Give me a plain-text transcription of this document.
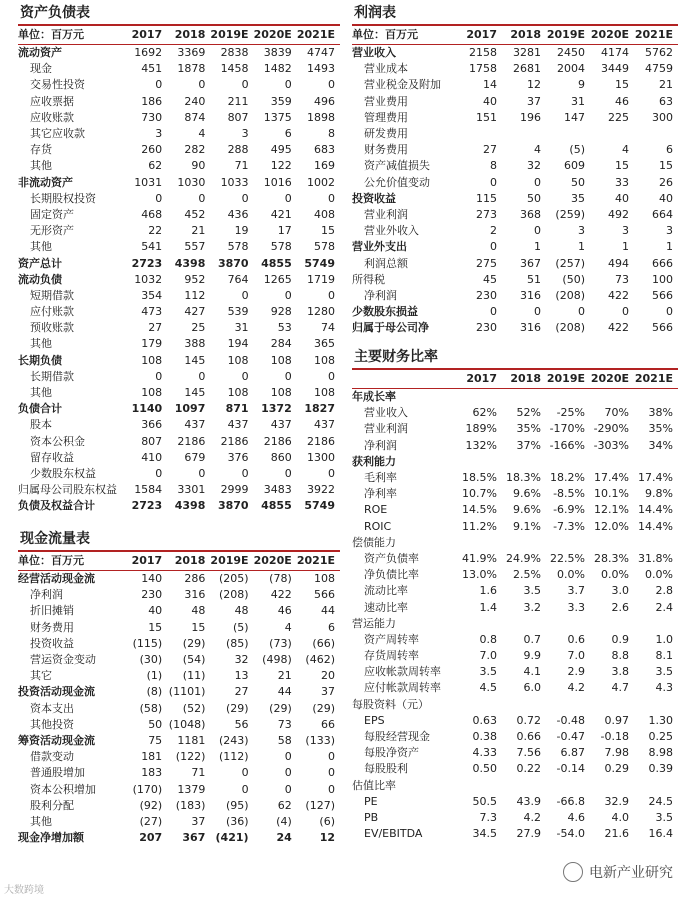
资产负债表
单位：百万元	2017	2018	2019E	2020E	2021E
流动资产	1692	3369	2838	3839	4747
现金	451	1878	1458	1482	1493
交易性投资	0	0	0	0	0
应收票据	186	240	211	359	496
应收账款	730	874	807	1375	1898
其它应收款	3	4	3	6	8
存货	260	282	288	495	683
其他	62	90	71	122	169
非流动资产	1031	1030	1033	1016	1002
长期股权投资	0	0	0	0	0
固定资产	468	452	436	421	408
无形资产	22	21	19	17	15
其他	541	557	578	578	578
资产总计	2723	4398	3870	4855	5749
流动负债	1032	952	764	1265	1719
短期借款	354	112	0	0	0
应付账款	473	427	539	928	1280
预收账款	27	25	31	53	74
其他	179	388	194	284	365
长期负债	108	145	108	108	108
长期借款	0	0	0	0	0
其他	108	145	108	108	108
负债合计	1140	1097	871	1372	1827
股本	366	437	437	437	437
资本公积金	807	2186	2186	2186	2186
留存收益	410	679	376	860	1300
少数股东权益	0	0	0	0	0
归属母公司股东权益	1584	3301	2999	3483	3922
负债及权益合计	2723	4398	3870	4855	5749
现金流量表
单位：百万元	2017	2018	2019E	2020E	2021E
经营活动现金流	140	286	(205)	(78)	108
净利润	230	316	(208)	422	566
折旧摊销	40	48	48	46	44
财务费用	15	15	(5)	4	6
投资收益	(115)	(29)	(85)	(73)	(66)
营运资金变动	(30)	(54)	32	(498)	(462)
其它	(1)	(11)	13	21	20
投资活动现金流	(8)	(1101)	27	44	37
资本支出	(58)	(52)	(29)	(29)	(29)
其他投资	50	(1048)	56	73	66
筹资活动现金流	75	1181	(243)	58	(133)
借款变动	181	(122)	(112)	0	0
普通股增加	183	71	0	0	0
资本公积增加	(170)	1379	0	0	0
股利分配	(92)	(183)	(95)	62	(127)
其他	(27)	37	(36)	(4)	(6)
现金净增加额	207	367	(421)	24	12
利润表
单位：百万元	2017	2018	2019E	2020E	2021E
营业收入	2158	3281	2450	4174	5762
营业成本	1758	2681	2004	3449	4759
营业税金及附加	14	12	9	15	21
营业费用	40	37	31	46	63
管理费用	151	196	147	225	300
研发费用					
财务费用	27	4	(5)	4	6
资产减值损失	8	32	609	15	15
公允价值变动	0	0	50	33	26
投资收益	115	50	35	40	40
营业利润	273	368	(259)	492	664
营业外收入	2	0	3	3	3
营业外支出	0	1	1	1	1
利润总额	275	367	(257)	494	666
所得税	45	51	(50)	73	100
净利润	230	316	(208)	422	566
少数股东损益	0	0	0	0	0
归属于母公司净	230	316	(208)	422	566
主要财务比率
	2017	2018	2019E	2020E	2021E
年成长率					
营业收入	62%	52%	-25%	70%	38%
营业利润	189%	35%	-170%	-290%	35%
净利润	132%	37%	-166%	-303%	34%
获利能力					
毛利率	18.5%	18.3%	18.2%	17.4%	17.4%
净利率	10.7%	9.6%	-8.5%	10.1%	9.8%
ROE	14.5%	9.6%	-6.9%	12.1%	14.4%
ROIC	11.2%	9.1%	-7.3%	12.0%	14.4%
偿债能力					
资产负债率	41.9%	24.9%	22.5%	28.3%	31.8%
净负债比率	13.0%	2.5%	0.0%	0.0%	0.0%
流动比率	1.6	3.5	3.7	3.0	2.8
速动比率	1.4	3.2	3.3	2.6	2.4
营运能力					
资产周转率	0.8	0.7	0.6	0.9	1.0
存货周转率	7.0	9.9	7.0	8.8	8.1
应收帐款周转率	3.5	4.1	2.9	3.8	3.5
应付帐款周转率	4.5	6.0	4.2	4.7	4.3
每股资料（元）					
EPS	0.63	0.72	-0.48	0.97	1.30
每股经营现金	0.38	0.66	-0.47	-0.18	0.25
每股净资产	4.33	7.56	6.87	7.98	8.98
每股股利	0.50	0.22	-0.14	0.29	0.39
估值比率					
PE	50.5	43.9	-66.8	32.9	24.5
PB	7.3	4.2	4.6	4.0	3.5
EV/EBITDA	34.5	27.9	-54.0	21.6	16.4
大数跨境
电新产业研究
